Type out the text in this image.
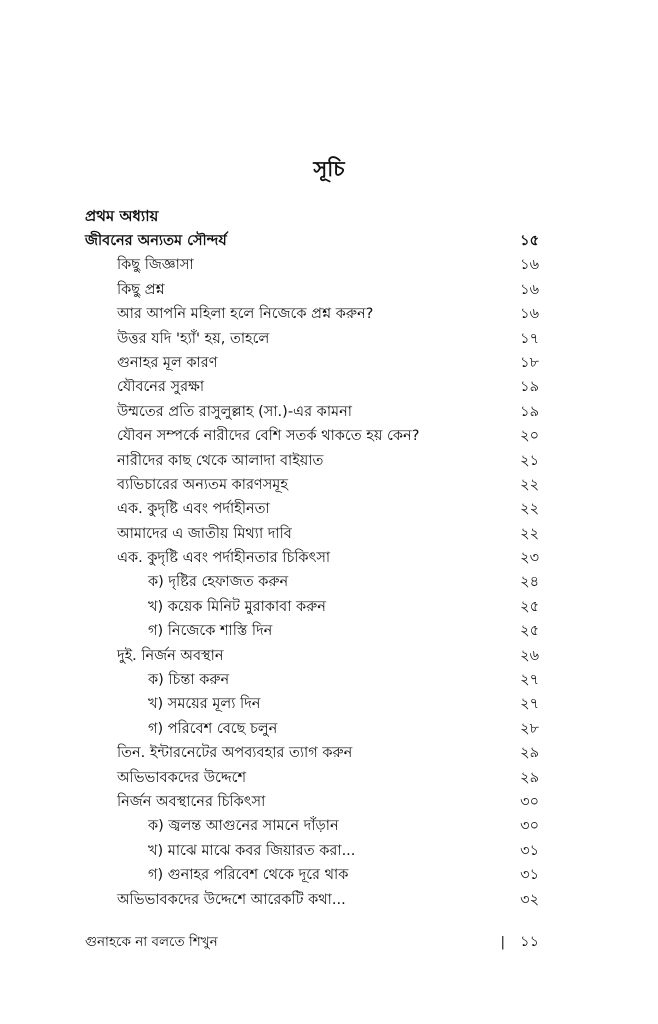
সূচি
প্রথম অধ্যায়
জীবনের অন্যতম সৌন্দর্য	১৫
কিছু জিজ্ঞাসা	১৬
কিছু প্রশ্ন	১৬
আর আপনি মহিলা হলে নিজেকে প্রশ্ন করুন?	১৬
উত্তর যদি 'হ্যাঁ' হয়, তাহলে	১৭
গুনাহর মূল কারণ	১৮
যৌবনের সুরক্ষা	১৯
উম্মতের প্রতি রাসুলুল্লাহ (সা.)-এর কামনা	১৯
যৌবন সম্পর্কে নারীদের বেশি সতর্ক থাকতে হয় কেন?	২০
নারীদের কাছ থেকে আলাদা বাইয়াত	২১
ব্যভিচারের অন্যতম কারণসমূহ	২২
এক. কুদৃষ্টি এবং পর্দাহীনতা	২২
আমাদের এ জাতীয় মিথ্যা দাবি	২২
এক. কুদৃষ্টি এবং পর্দাহীনতার চিকিৎসা	২৩
ক) দৃষ্টির হেফাজত করুন	২৪
খ) কয়েক মিনিট মুরাকাবা করুন	২৫
গ) নিজেকে শাস্তি দিন	২৫
দুই. নির্জন অবস্থান	২৬
ক) চিন্তা করুন	২৭
খ) সময়ের মূল্য দিন	২৭
গ) পরিবেশ বেছে চলুন	২৮
তিন. ইন্টারনেটের অপব্যবহার ত্যাগ করুন	২৯
অভিভাবকদের উদ্দেশে	২৯
নির্জন অবস্থানের চিকিৎসা	৩০
ক) জ্বলন্ত আগুনের সামনে দাঁড়ান	৩০
খ) মাঝে মাঝে কবর জিয়ারত করা...	৩১
গ) গুনাহর পরিবেশ থেকে দূরে থাক	৩১
অভিভাবকদের উদ্দেশে আরেকটি কথা...	৩২
গুনাহকে না বলতে শিখুন	| ১১
